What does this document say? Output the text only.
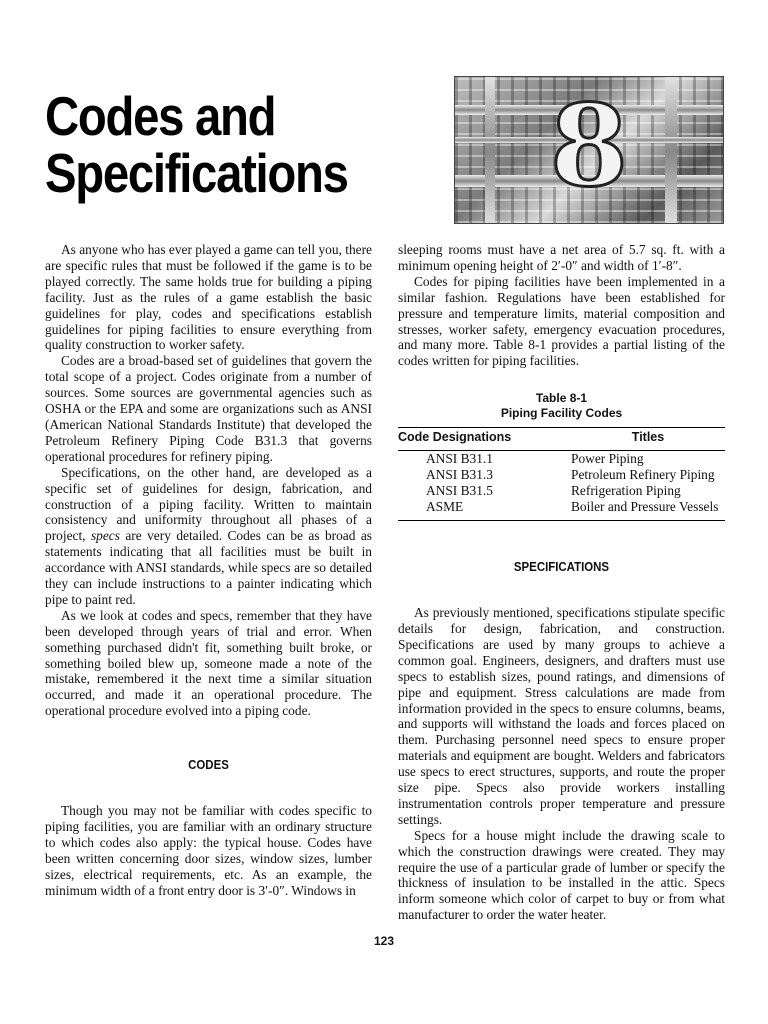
Codes and
Specifications	8

As anyone who has ever played a game can tell you, there are specific rules that must be followed if the game is to be played correctly. The same holds true for building a piping facility. Just as the rules of a game establish the basic guidelines for play, codes and specifications establish guidelines for piping facilities to ensure everything from quality construction to worker safety.

Codes are a broad-based set of guidelines that govern the total scope of a project. Codes originate from a number of sources. Some sources are governmental agencies such as OSHA or the EPA and some are organizations such as ANSI (American National Standards Institute) that developed the Petroleum Refinery Piping Code B31.3 that governs operational procedures for refinery piping.

Specifications, on the other hand, are developed as a specific set of guidelines for design, fabrication, and construction of a piping facility. Written to maintain consistency and uniformity throughout all phases of a project, specs are very detailed. Codes can be as broad as statements indicating that all facilities must be built in accordance with ANSI standards, while specs are so detailed they can include instructions to a painter indicating which pipe to paint red.

As we look at codes and specs, remember that they have been developed through years of trial and error. When something purchased didn't fit, something built broke, or something boiled blew up, someone made a note of the mistake, remembered it the next time a similar situation occurred, and made it an operational procedure. The operational procedure evolved into a piping code.

CODES

Though you may not be familiar with codes specific to piping facilities, you are familiar with an ordinary structure to which codes also apply: the typical house. Codes have been written concerning door sizes, window sizes, lumber sizes, electrical requirements, etc. As an example, the minimum width of a front entry door is 3′-0″. Windows in

sleeping rooms must have a net area of 5.7 sq. ft. with a minimum opening height of 2′-0″ and width of 1′-8″.

Codes for piping facilities have been implemented in a similar fashion. Regulations have been established for pressure and temperature limits, material composition and stresses, worker safety, emergency evacuation procedures, and many more. Table 8-1 provides a partial listing of the codes written for piping facilities.

Table 8-1
Piping Facility Codes
Code Designations	Titles
ANSI B31.1	Power Piping
ANSI B31.3	Petroleum Refinery Piping
ANSI B31.5	Refrigeration Piping
ASME	Boiler and Pressure Vessels
SPECIFICATIONS

As previously mentioned, specifications stipulate specific details for design, fabrication, and construction. Specifications are used by many groups to achieve a common goal. Engineers, designers, and drafters must use specs to establish sizes, pound ratings, and dimensions of pipe and equipment. Stress calculations are made from information provided in the specs to ensure columns, beams, and supports will withstand the loads and forces placed on them. Purchasing personnel need specs to ensure proper materials and equipment are bought. Welders and fabricators use specs to erect structures, supports, and route the proper size pipe. Specs also provide workers installing instrumentation controls proper temperature and pressure settings.

Specs for a house might include the drawing scale to which the construction drawings were created. They may require the use of a particular grade of lumber or specify the thickness of insulation to be installed in the attic. Specs inform someone which color of carpet to buy or from what manufacturer to order the water heater.

123
